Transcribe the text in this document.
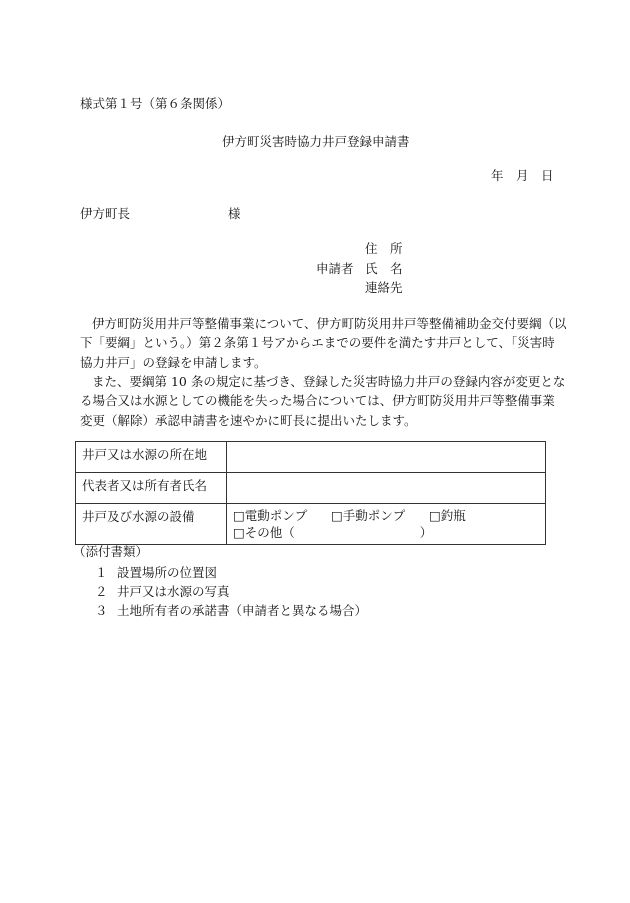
様式第１号（第６条関係）
伊方町災害時協力井戸登録申請書
年　月　日
伊方町長	様
住　所
申請者 氏　名
連絡先
伊方町防災用井戸等整備事業について、伊方町防災用井戸等整備補助金交付要綱（以
下「要綱」という。）第２条第１号アからエまでの要件を満たす井戸として、「災害時
協力井戸」の登録を申請します。
また、要綱第 10 条の規定に基づき、登録した災害時協力井戸の登録内容が変更とな
る場合又は水源としての機能を失った場合については、伊方町防災用井戸等整備事業
変更（解除）承認申請書を速やかに町長に提出いたします。
井戸又は水源の所在地	
代表者又は所有者氏名	
井戸及び水源の設備	□電動ポンプ □手動ポンプ □釣瓶
□その他（　　　　　　　　　　）
（添付書類）
１ 設置場所の位置図
２ 井戸又は水源の写真
３ 土地所有者の承諾書（申請者と異なる場合）
